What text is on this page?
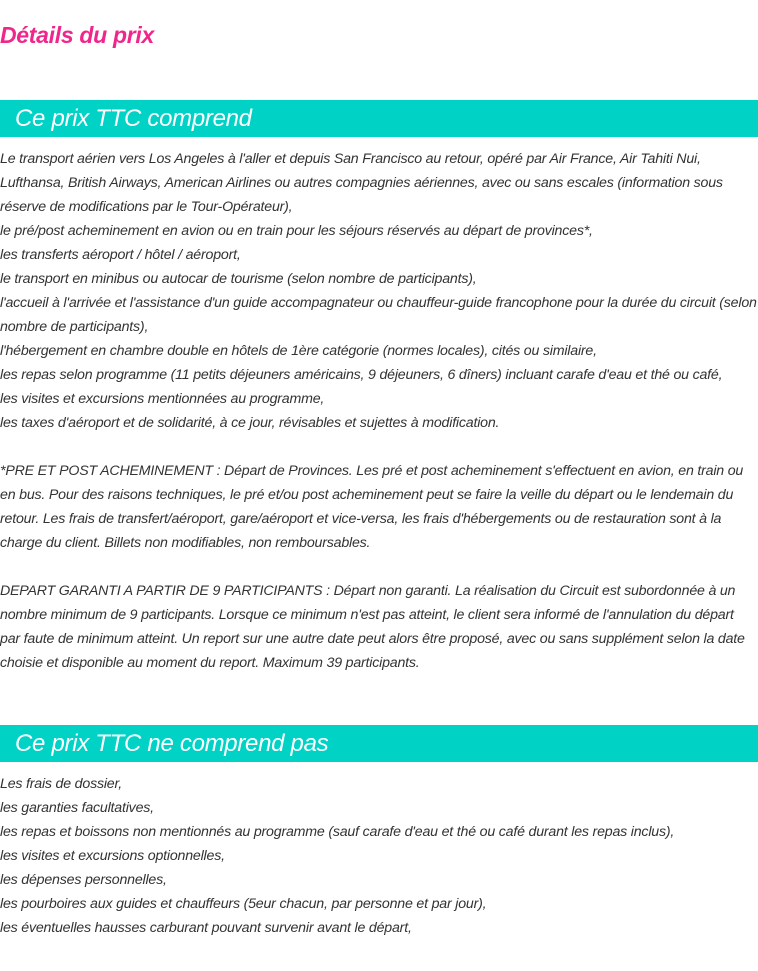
Détails du prix
Ce prix TTC comprend
Le transport aérien vers Los Angeles à l'aller et depuis San Francisco au retour, opéré par Air France, Air Tahiti Nui, Lufthansa, British Airways, American Airlines ou autres compagnies aériennes, avec ou sans escales (information sous réserve de modifications par le Tour-Opérateur),
le pré/post acheminement en avion ou en train pour les séjours réservés au départ de provinces*,
les transferts aéroport / hôtel / aéroport,
le transport en minibus ou autocar de tourisme (selon nombre de participants),
l'accueil à l'arrivée et l'assistance d'un guide accompagnateur ou chauffeur-guide francophone pour la durée du circuit (selon nombre de participants),
l'hébergement en chambre double en hôtels de 1ère catégorie (normes locales), cités ou similaire,
les repas selon programme (11 petits déjeuners américains, 9 déjeuners, 6 dîners) incluant carafe d'eau et thé ou café,
les visites et excursions mentionnées au programme,
les taxes d'aéroport et de solidarité, à ce jour, révisables et sujettes à modification.

*PRE ET POST ACHEMINEMENT : Départ de Provinces. Les pré et post acheminement s'effectuent en avion, en train ou en bus. Pour des raisons techniques, le pré et/ou post acheminement peut se faire la veille du départ ou le lendemain du retour. Les frais de transfert/aéroport, gare/aéroport et vice-versa, les frais d'hébergements ou de restauration sont à la charge du client. Billets non modifiables, non remboursables.

DEPART GARANTI A PARTIR DE 9 PARTICIPANTS : Départ non garanti. La réalisation du Circuit est subordonnée à un nombre minimum de 9 participants. Lorsque ce minimum n'est pas atteint, le client sera informé de l'annulation du départ par faute de minimum atteint. Un report sur une autre date peut alors être proposé, avec ou sans supplément selon la date choisie et disponible au moment du report. Maximum 39 participants.

Ce prix TTC ne comprend pas
Les frais de dossier,
les garanties facultatives,
les repas et boissons non mentionnés au programme (sauf carafe d'eau et thé ou café durant les repas inclus),
les visites et excursions optionnelles,
les dépenses personnelles,
les pourboires aux guides et chauffeurs (5eur chacun, par personne et par jour),
les éventuelles hausses carburant pouvant survenir avant le départ,
